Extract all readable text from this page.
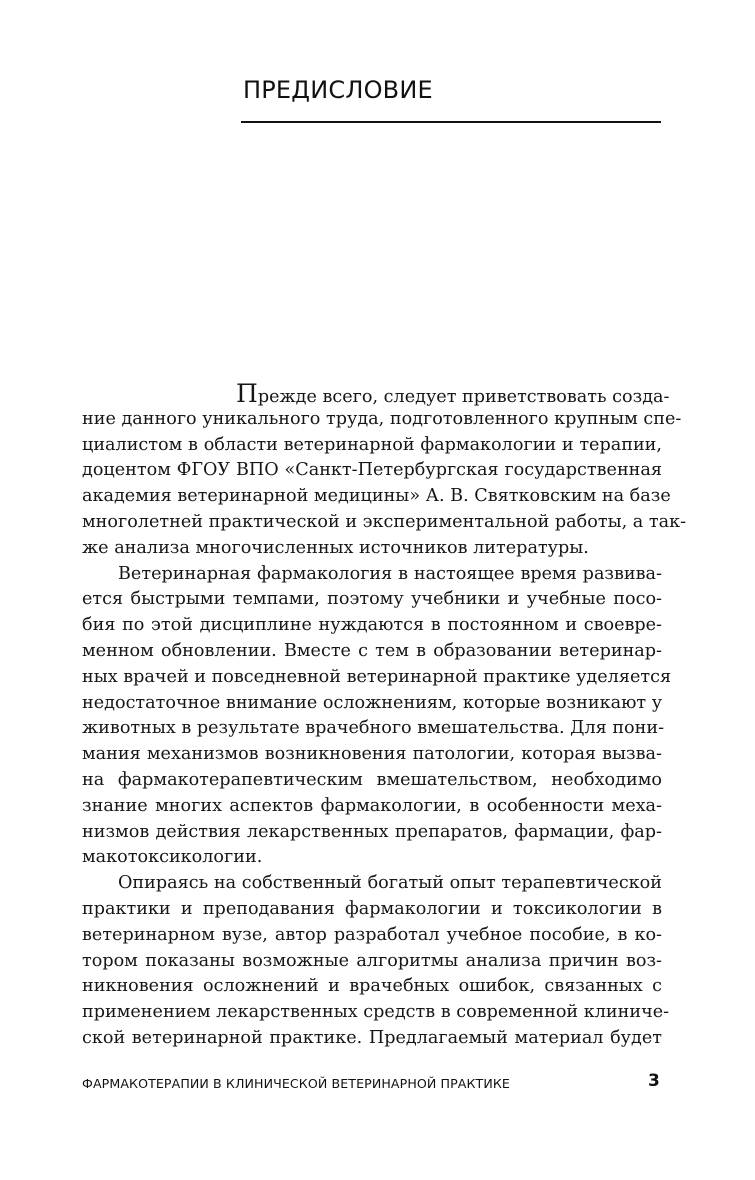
ПРЕДИСЛОВИЕ
Прежде всего, следует приветствовать созда-
ние данного уникального труда, подготовленного крупным спе-
циалистом в области ветеринарной фармакологии и терапии,
доцентом ФГОУ ВПО «Санкт-Петербургская государственная
академия ветеринарной медицины» А. В. Святковским на базе
многолетней практической и экспериментальной работы, а так-
же анализа многочисленных источников литературы.
Ветеринарная фармакология в настоящее время развива-
ется быстрыми темпами, поэтому учебники и учебные посо-
бия по этой дисциплине нуждаются в постоянном и своевре-
менном обновлении. Вместе с тем в образовании ветеринар-
ных врачей и повседневной ветеринарной практике уделяется
недостаточное внимание осложнениям, которые возникают у
животных в результате врачебного вмешательства. Для пони-
мания механизмов возникновения патологии, которая вызва-
на фармакотерапевтическим вмешательством, необходимо
знание многих аспектов фармакологии, в особенности меха-
низмов действия лекарственных препаратов, фармации, фар-
макотоксикологии.
Опираясь на собственный богатый опыт терапевтической
практики и преподавания фармакологии и токсикологии в
ветеринарном вузе, автор разработал учебное пособие, в ко-
тором показаны возможные алгоритмы анализа причин воз-
никновения осложнений и врачебных ошибок, связанных с
применением лекарственных средств в современной клиниче-
ской ветеринарной практике. Предлагаемый материал будет
ФАРМАКОТЕРАПИИ В КЛИНИЧЕСКОЙ ВЕТЕРИНАРНОЙ ПРАКТИКЕ	3
